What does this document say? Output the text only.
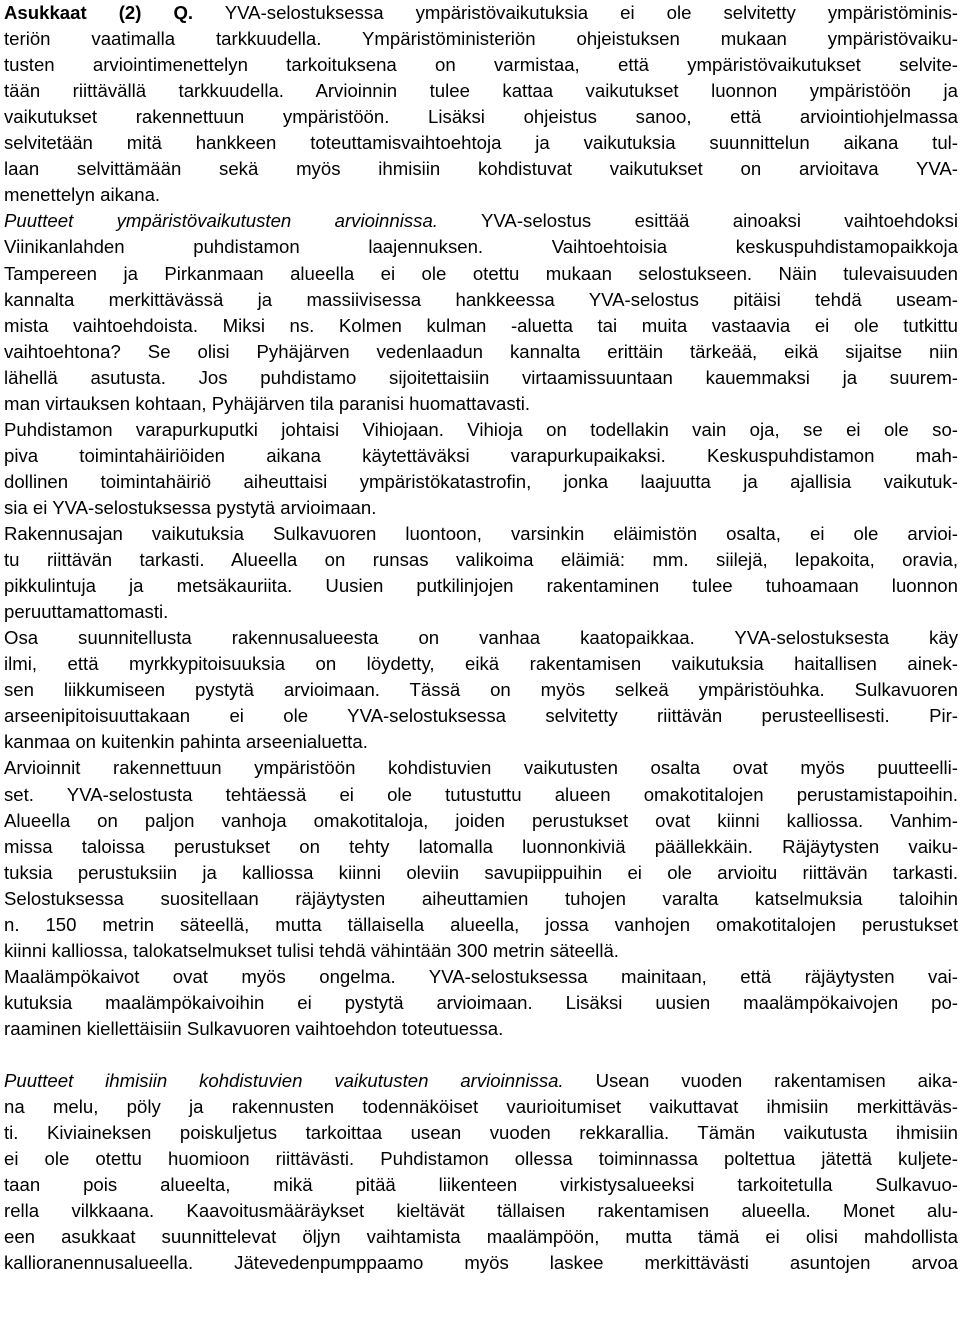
Asukkaat (2) Q. YVA-selostuksessa ympäristövaikutuksia ei ole selvitetty ympäristöminis-
teriön vaatimalla tarkkuudella. Ympäristöministeriön ohjeistuksen mukaan ympäristövaiku-
tusten arviointimenettelyn tarkoituksena on varmistaa, että ympäristövaikutukset selvite-
tään riittävällä tarkkuudella. Arvioinnin tulee kattaa vaikutukset luonnon ympäristöön ja
vaikutukset rakennettuun ympäristöön. Lisäksi ohjeistus sanoo, että arviointiohjelmassa
selvitetään mitä hankkeen toteuttamisvaihtoehtoja ja vaikutuksia suunnittelun aikana tul-
laan selvittämään sekä myös ihmisiin kohdistuvat vaikutukset on arvioitava YVA-
menettelyn aikana.
Puutteet ympäristövaikutusten arvioinnissa. YVA-selostus esittää ainoaksi vaihtoehdoksi
Viinikanlahden puhdistamon laajennuksen. Vaihtoehtoisia keskuspuhdistamopaikkoja
Tampereen ja Pirkanmaan alueella ei ole otettu mukaan selostukseen. Näin tulevaisuuden
kannalta merkittävässä ja massiivisessa hankkeessa YVA-selostus pitäisi tehdä useam-
mista vaihtoehdoista. Miksi ns. Kolmen kulman -aluetta tai muita vastaavia ei ole tutkittu
vaihtoehtona? Se olisi Pyhäjärven vedenlaadun kannalta erittäin tärkeää, eikä sijaitse niin
lähellä asutusta. Jos puhdistamo sijoitettaisiin virtaamissuuntaan kauemmaksi ja suurem-
man virtauksen kohtaan, Pyhäjärven tila paranisi huomattavasti.
Puhdistamon varapurkuputki johtaisi Vihiojaan. Vihioja on todellakin vain oja, se ei ole so-
piva toimintahäiriöiden aikana käytettäväksi varapurkupaikaksi. Keskuspuhdistamon mah-
dollinen toimintahäiriö aiheuttaisi ympäristökatastrofin, jonka laajuutta ja ajallisia vaikutuk-
sia ei YVA-selostuksessa pystytä arvioimaan.
Rakennusajan vaikutuksia Sulkavuoren luontoon, varsinkin eläimistön osalta, ei ole arvioi-
tu riittävän tarkasti. Alueella on runsas valikoima eläimiä: mm. siilejä, lepakoita, oravia,
pikkulintuja ja metsäkauriita. Uusien putkilinjojen rakentaminen tulee tuhoamaan luonnon
peruuttamattomasti.
Osa suunnitellusta rakennusalueesta on vanhaa kaatopaikkaa. YVA-selostuksesta käy
ilmi, että myrkkypitoisuuksia on löydetty, eikä rakentamisen vaikutuksia haitallisen ainek-
sen liikkumiseen pystytä arvioimaan. Tässä on myös selkeä ympäristöuhka. Sulkavuoren
arseenipitoisuuttakaan ei ole YVA-selostuksessa selvitetty riittävän perusteellisesti. Pir-
kanmaa on kuitenkin pahinta arseenialuetta.
Arvioinnit rakennettuun ympäristöön kohdistuvien vaikutusten osalta ovat myös puutteelli-
set. YVA-selostusta tehtäessä ei ole tutustuttu alueen omakotitalojen perustamistapoihin.
Alueella on paljon vanhoja omakotitaloja, joiden perustukset ovat kiinni kalliossa. Vanhim-
missa taloissa perustukset on tehty latomalla luonnonkiviä päällekkäin. Räjäytysten vaiku-
tuksia perustuksiin ja kalliossa kiinni oleviin savupiippuihin ei ole arvioitu riittävän tarkasti.
Selostuksessa suositellaan räjäytysten aiheuttamien tuhojen varalta katselmuksia taloihin
n. 150 metrin säteellä, mutta tällaisella alueella, jossa vanhojen omakotitalojen perustukset
kiinni kalliossa, talokatselmukset tulisi tehdä vähintään 300 metrin säteellä.
Maalämpökaivot ovat myös ongelma. YVA-selostuksessa mainitaan, että räjäytysten vai-
kutuksia maalämpökaivoihin ei pystytä arvioimaan. Lisäksi uusien maalämpökaivojen po-
raaminen kiellettäisiin Sulkavuoren vaihtoehdon toteutuessa.
Puutteet ihmisiin kohdistuvien vaikutusten arvioinnissa. Usean vuoden rakentamisen aika-
na melu, pöly ja rakennusten todennäköiset vaurioitumiset vaikuttavat ihmisiin merkittäväs-
ti. Kiviaineksen poiskuljetus tarkoittaa usean vuoden rekkarallia. Tämän vaikutusta ihmisiin
ei ole otettu huomioon riittävästi. Puhdistamon ollessa toiminnassa poltettua jätettä kuljete-
taan pois alueelta, mikä pitää liikenteen virkistysalueeksi tarkoitetulla Sulkavuo-
rella vilkkaana. Kaavoitusmääräykset kieltävät tällaisen rakentamisen alueella. Monet alu-
een asukkaat suunnittelevat öljyn vaihtamista maalämpöön, mutta tämä ei olisi mahdollista
kallioranennusalueella. Jätevedenpumppaamo myös laskee merkittävästi asuntojen arvoa
